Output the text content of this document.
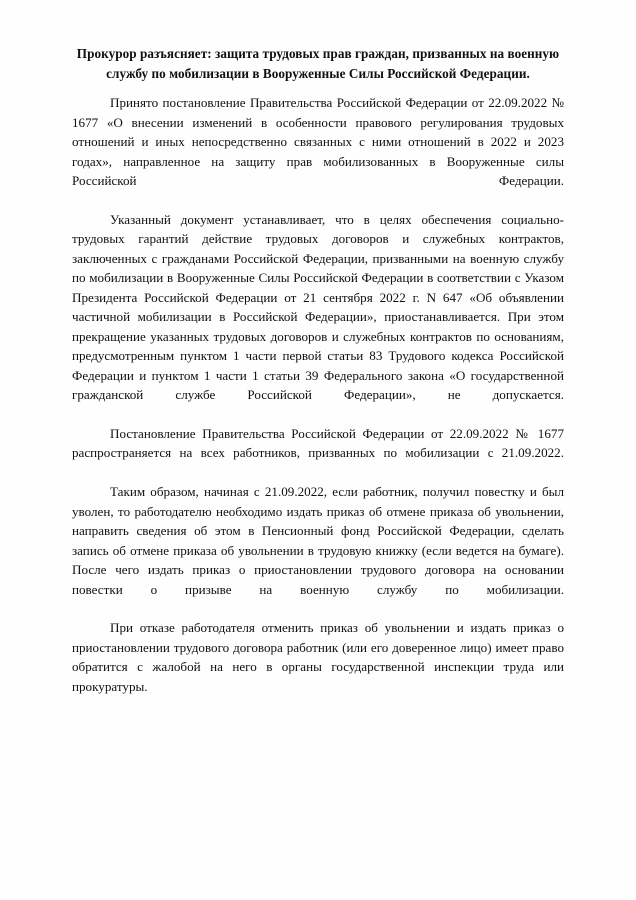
Прокурор разъясняет: защита трудовых прав граждан, призванных на военную службу по мобилизации в Вооруженные Силы Российской Федерации.

Принято постановление Правительства Российской Федерации от 22.09.2022 № 1677 «О внесении изменений в особенности правового регулирования трудовых отношений и иных непосредственно связанных с ними отношений в 2022 и 2023 годах», направленное на защиту прав мобилизованных в Вооруженные силы Российской Федерации.

Указанный документ устанавливает, что в целях обеспечения социально-трудовых гарантий действие трудовых договоров и служебных контрактов, заключенных с гражданами Российской Федерации, призванными на военную службу по мобилизации в Вооруженные Силы Российской Федерации в соответствии с Указом Президента Российской Федерации от 21 сентября 2022 г. N 647 «Об объявлении частичной мобилизации в Российской Федерации», приостанавливается. При этом прекращение указанных трудовых договоров и служебных контрактов по основаниям, предусмотренным пунктом 1 части первой статьи 83 Трудового кодекса Российской Федерации и пунктом 1 части 1 статьи 39 Федерального закона «О государственной гражданской службе Российской Федерации», не допускается.

Постановление Правительства Российской Федерации от 22.09.2022 № 1677 распространяется на всех работников, призванных по мобилизации с 21.09.2022.

Таким образом, начиная с 21.09.2022, если работник, получил повестку и был уволен, то работодателю необходимо издать приказ об отмене приказа об увольнении, направить сведения об этом в Пенсионный фонд Российской Федерации, сделать запись об отмене приказа об увольнении в трудовую книжку (если ведется на бумаге). После чего издать приказ о приостановлении трудового договора на основании повестки о призыве на военную службу по мобилизации.

При отказе работодателя отменить приказ об увольнении и издать приказ о приостановлении трудового договора работник (или его доверенное лицо) имеет право обратится с жалобой на него в органы государственной инспекции труда или прокуратуры.
